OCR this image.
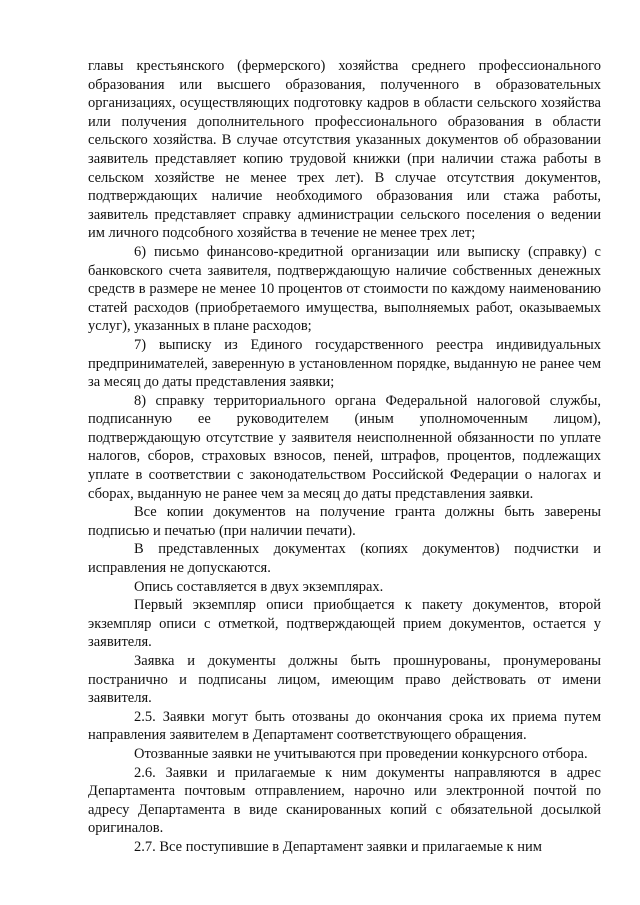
главы крестьянского (фермерского) хозяйства среднего профессионального образования или высшего образования, полученного в образовательных организациях, осуществляющих подготовку кадров в области сельского хозяйства или получения дополнительного профессионального образования в области сельского хозяйства. В случае отсутствия указанных документов об образовании заявитель представляет копию трудовой книжки (при наличии стажа работы в сельском хозяйстве не менее трех лет). В случае отсутствия документов, подтверждающих наличие необходимого образования или стажа работы, заявитель представляет справку администрации сельского поселения о ведении им личного подсобного хозяйства в течение не менее трех лет;

6) письмо финансово-кредитной организации или выписку (справку) с банковского счета заявителя, подтверждающую наличие собственных денежных средств в размере не менее 10 процентов от стоимости по каждому наименованию статей расходов (приобретаемого имущества, выполняемых работ, оказываемых услуг), указанных в плане расходов;

7) выписку из Единого государственного реестра индивидуальных предпринимателей, заверенную в установленном порядке, выданную не ранее чем за месяц до даты представления заявки;

8) справку территориального органа Федеральной налоговой службы, подписанную ее руководителем (иным уполномоченным лицом), подтверждающую отсутствие у заявителя неисполненной обязанности по уплате налогов, сборов, страховых взносов, пеней, штрафов, процентов, подлежащих уплате в соответствии с законодательством Российской Федерации о налогах и сборах, выданную не ранее чем за месяц до даты представления заявки.

Все копии документов на получение гранта должны быть заверены подписью и печатью (при наличии печати).

В представленных документах (копиях документов) подчистки и исправления не допускаются.

Опись составляется в двух экземплярах.

Первый экземпляр описи приобщается к пакету документов, второй экземпляр описи с отметкой, подтверждающей прием документов, остается у заявителя.

Заявка и документы должны быть прошнурованы, пронумерованы постранично и подписаны лицом, имеющим право действовать от имени заявителя.

2.5. Заявки могут быть отозваны до окончания срока их приема путем направления заявителем в Департамент соответствующего обращения.

Отозванные заявки не учитываются при проведении конкурсного отбора.

2.6. Заявки и прилагаемые к ним документы направляются в адрес Департамента почтовым отправлением, нарочно или электронной почтой по адресу Департамента в виде сканированных копий с обязательной досылкой оригиналов.

2.7. Все поступившие в Департамент заявки и прилагаемые к ним
